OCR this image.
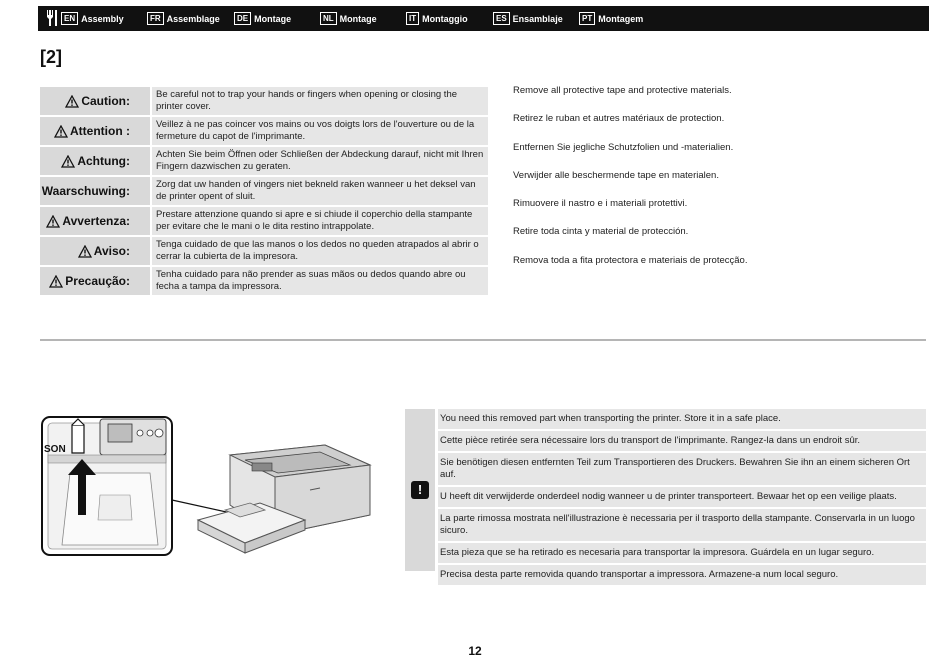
EN Assembly	FR Assemblage	DE Montage	NL Montage	IT Montaggio	ES Ensamblaje	PT Montagem
[2]
Caution:	Be careful not to trap your hands or fingers when opening or closing the printer cover.
Attention :	Veillez à ne pas coincer vos mains ou vos doigts lors de l'ouverture ou de la fermeture du capot de l'imprimante.
Achtung:	Achten Sie beim Öffnen oder Schließen der Abdeckung darauf, nicht mit Ihren Fingern dazwischen zu geraten.
Waarschuwing:	Zorg dat uw handen of vingers niet bekneld raken wanneer u het deksel van de printer opent of sluit.
Avvertenza:	Prestare attenzione quando si apre e si chiude il coperchio della stampante per evitare che le mani o le dita restino intrappolate.
Aviso:	Tenga cuidado de que las manos o los dedos no queden atrapados al abrir o cerrar la cubierta de la impresora.
Precaução:	Tenha cuidado para não prender as suas mãos ou dedos quando abre ou fecha a tampa da impressora.
Remove all protective tape and protective materials.
Retirez le ruban et autres matériaux de protection.
Entfernen Sie jegliche Schutzfolien und -materialien.
Verwijder alle beschermende tape en materialen.
Rimuovere il nastro e i materiali protettivi.
Retire toda cinta y material de protección.
Remova toda a fita protectora e materiais de protecção.
SON
!
You need this removed part when transporting the printer. Store it in a safe place.
Cette pièce retirée sera nécessaire lors du transport de l'imprimante. Rangez-la dans un endroit sûr.
Sie benötigen diesen entfernten Teil zum Transportieren des Druckers. Bewahren Sie ihn an einem sicheren Ort auf.
U heeft dit verwijderde onderdeel nodig wanneer u de printer transporteert. Bewaar het op een veilige plaats.
La parte rimossa mostrata nell'illustrazione è necessaria per il trasporto della stampante. Conservarla in un luogo sicuro.
Esta pieza que se ha retirado es necesaria para transportar la impresora. Guárdela en un lugar seguro.
Precisa desta parte removida quando transportar a impressora. Armazene-a num local seguro.
12
